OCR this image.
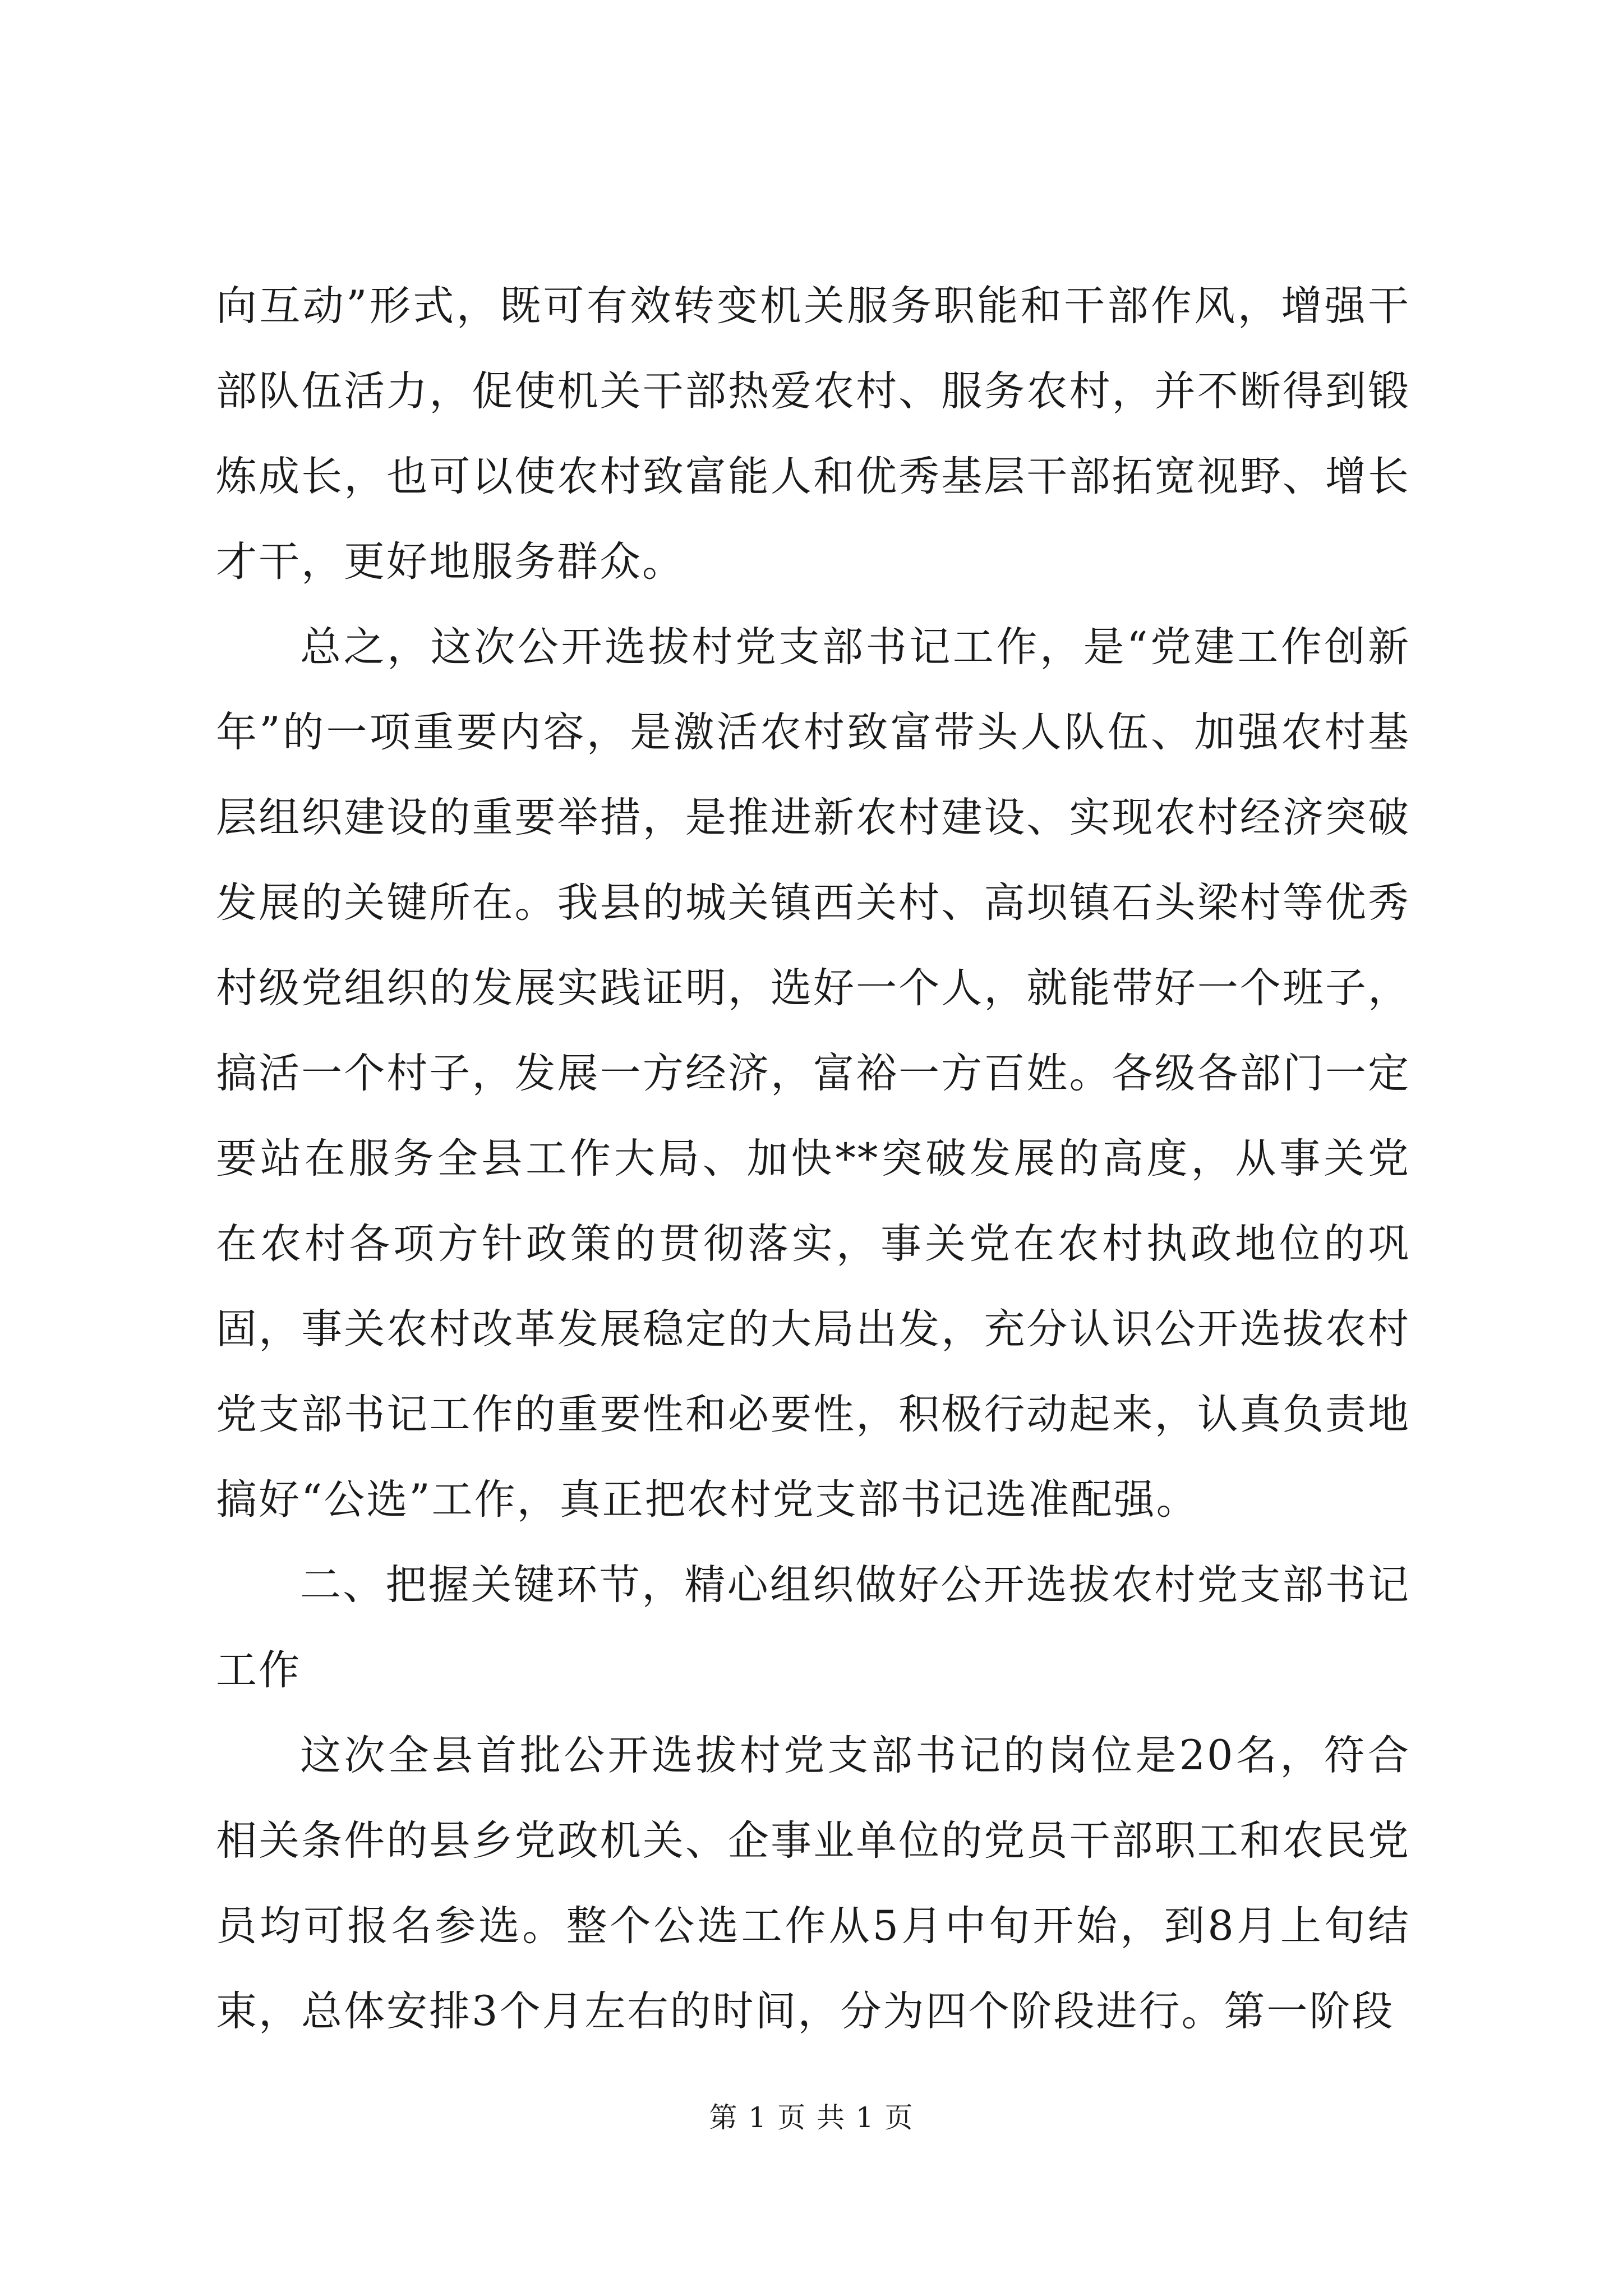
向互动”形式，既可有效转变机关服务职能和干部作风，增强干部队伍活力，促使机关干部热爱农村、服务农村，并不断得到锻炼成长，也可以使农村致富能人和优秀基层干部拓宽视野、增长才干，更好地服务群众。

总之，这次公开选拔村党支部书记工作，是“党建工作创新年”的一项重要内容，是激活农村致富带头人队伍、加强农村基层组织建设的重要举措，是推进新农村建设、实现农村经济突破发展的关键所在。我县的城关镇西关村、高坝镇石头梁村等优秀村级党组织的发展实践证明，选好一个人，就能带好一个班子，搞活一个村子，发展一方经济，富裕一方百姓。各级各部门一定要站在服务全县工作大局、加快**突破发展的高度，从事关党在农村各项方针政策的贯彻落实，事关党在农村执政地位的巩固，事关农村改革发展稳定的大局出发，充分认识公开选拔农村党支部书记工作的重要性和必要性，积极行动起来，认真负责地搞好“公选”工作，真正把农村党支部书记选准配强。

二、把握关键环节，精心组织做好公开选拔农村党支部书记工作

这次全县首批公开选拔村党支部书记的岗位是20名，符合相关条件的县乡党政机关、企事业单位的党员干部职工和农民党员均可报名参选。整个公选工作从5月中旬开始，到8月上旬结束，总体安排3个月左右的时间，分为四个阶段进行。第一阶段

第 1 页 共 1 页
